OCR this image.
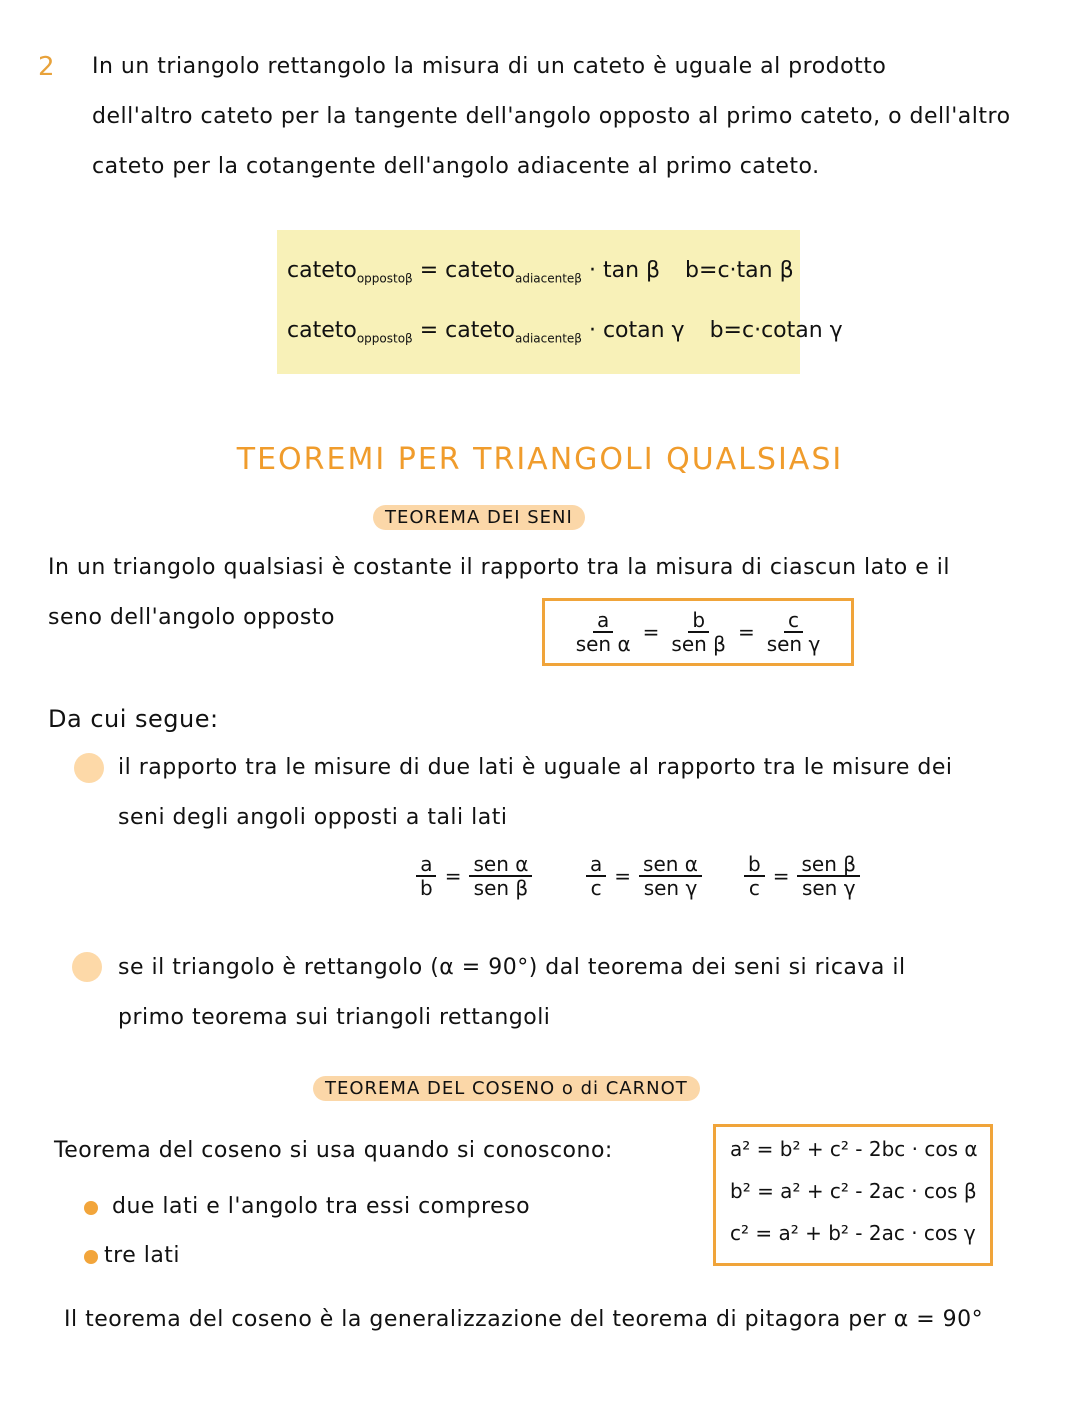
2 In un triangolo rettangolo la misura di un cateto è uguale al prodotto
dell'altro cateto per la tangente dell'angolo opposto al primo cateto, o dell'altro
cateto per la cotangente dell'angolo adiacente al primo cateto.
cateto$_{opposto\beta}$ = cateto$_{adiacente\beta}$ · tan β b=c·tan β
cateto$_{opposto\beta}$ = cateto$_{adiacente\beta}$ · cotan γ b=c·cotan γ
TEOREMI PER TRIANGOLI QUALSIASI
TEOREMA DEI SENI
In un triangolo qualsiasi è costante il rapporto tra la misura di ciascun lato e il
seno dell'angolo opposto	$\frac{a}{\text{sen α}} = \frac{b}{\text{sen β}} = \frac{c}{\text{sen γ}}$
Da cui segue:
il rapporto tra le misure di due lati è uguale al rapporto tra le misure dei
seni degli angoli opposti a tali lati
$\frac{a}{b} = \frac{\text{sen α}}{\text{sen β}}$	$\frac{a}{c} = \frac{\text{sen α}}{\text{sen γ}} \frac{b}{c} = \frac{\text{sen β}}{\text{sen γ}}$
se il triangolo è rettangolo (α = 90°) dal teorema dei seni si ricava il
primo teorema sui triangoli rettangoli
TEOREMA DEL COSENO o di CARNOT
Teorema del coseno si usa quando si conoscono:
due lati e l'angolo tra essi compreso
tre lati
a² = b² + c² - 2bc · cos α
b² = a² + c² - 2ac · cos β
c² = a² + b² - 2ac · cos γ
Il teorema del coseno è la generalizzazione del teorema di pitagora per α = 90°
